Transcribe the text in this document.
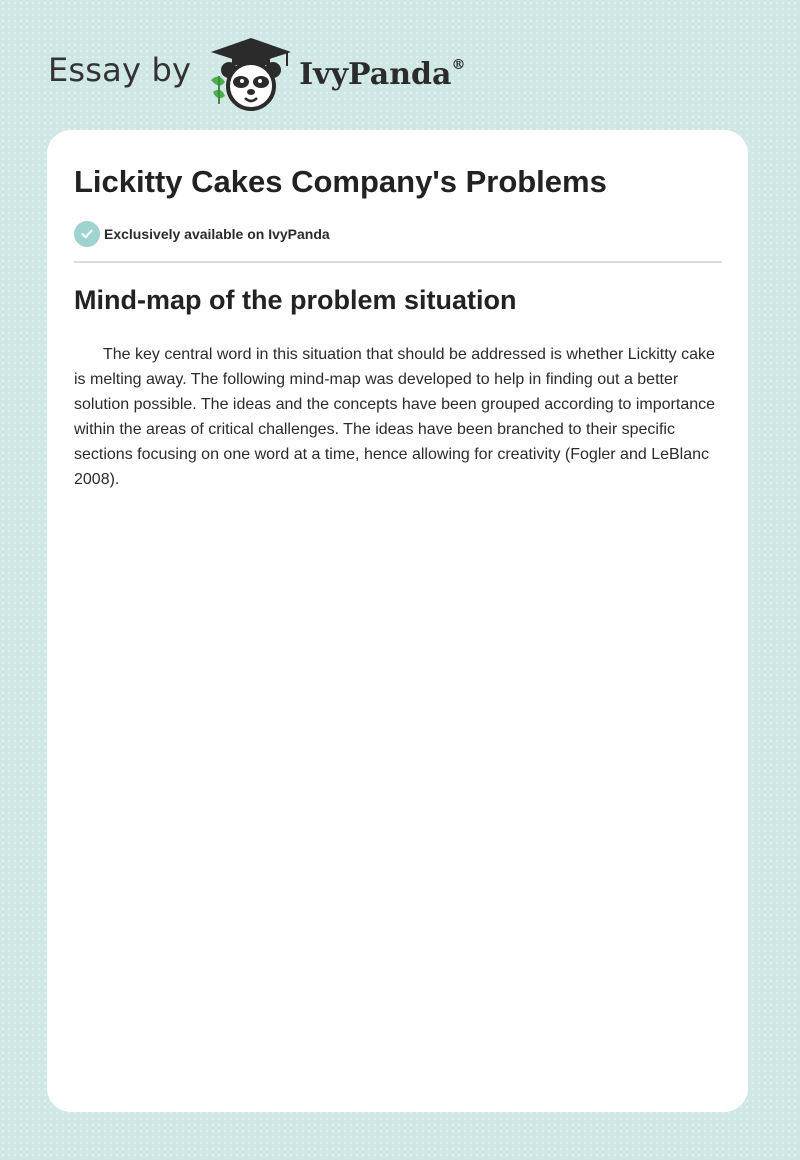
Essay by	IvyPanda®
Lickitty Cakes Company's Problems
Exclusively available on IvyPanda
Mind-map of the problem situation

The key central word in this situation that should be addressed is whether Lickitty cake is melting away. The following mind-map was developed to help in finding out a better solution possible. The ideas and the concepts have been grouped according to importance within the areas of critical challenges. The ideas have been branched to their specific sections focusing on one word at a time, hence allowing for creativity (Fogler and LeBlanc 2008).
